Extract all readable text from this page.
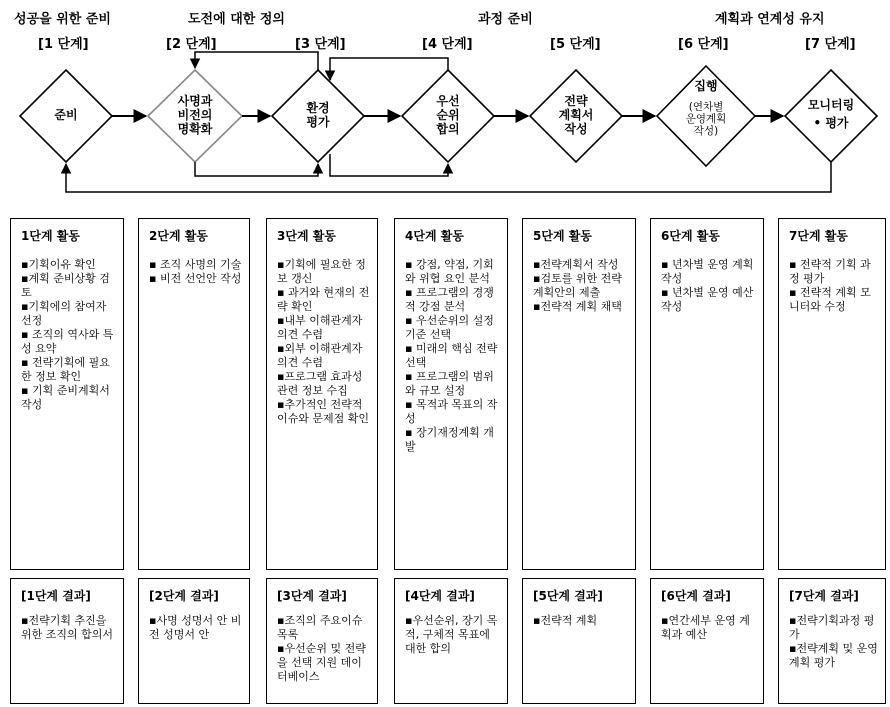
성공을 위한 준비	도전에 대한 정의	과정 준비	계획과 연계성 유지
[1 단계]	[2 단계]	[3 단계]	[4 단계]	[5 단계]	[6 단계]	[7 단계]
준비
사명과
비전의
명확화
환경
평가
우선
순위
합의
전략
계획서
작성
집행
(연차별
운영계획
작성)
모니터링
• 평가
1단계 활동
▪기획이유 확인
▪계획 준비상황 검토
▪기획에의 참여자 선정
▪ 조직의 역사와 특성 요약
▪ 전략기획에 필요한 정보 확인
▪ 기획 준비계획서 작성
2단계 활동
▪ 조직 사명의 기술
▪ 비전 선언안 작성
3단계 활동
▪기획에 필요한 정보 갱신
▪ 과거와 현재의 전략 확인
▪내부 이해관계자 의견 수렴
▪외부 이해관계자 의견 수렴
▪프로그램 효과성 관련 정보 수집
▪추가적인 전략적 이슈와 문제점 확인
4단계 활동
▪ 강점, 약점, 기회와 위협 요인 분석
▪ 프로그램의 경쟁적 강점 분석
▪ 우선순위의 설정 기준 선택
▪ 미래의 핵심 전략 선택
▪ 프로그램의 범위와 규모 설정
▪ 목적과 목표의 작성
▪ 장기재정계획 개발
5단계 활동
▪전략계획서 작성
▪검토를 위한 전략계획안의 제출
▪전략적 계획 채택
6단계 활동
▪ 년차별 운영 계획 작성
▪ 년차별 운영 예산 작성
7단계 활동
▪ 전략적 기획 과정 평가
▪ 전략적 계획 모니터와 수정
[1단계 결과]
▪전략기획 추진을 위한 조직의 합의서
[2단계 결과]
▪사명 성명서 안 비전 성명서 안
[3단계 결과]
▪조직의 주요이슈 목록
▪우선순위 및 전략을 선택 지원 데이터베이스
[4단계 결과]
▪우선순위, 장기 목적, 구체적 목표에 대한 합의
[5단계 결과]
▪전략적 계획
[6단계 결과]
▪연간세부 운영 계획과 예산
[7단계 결과]
▪전략기획과정 평가
▪전략계획 및 운영계획 평가
